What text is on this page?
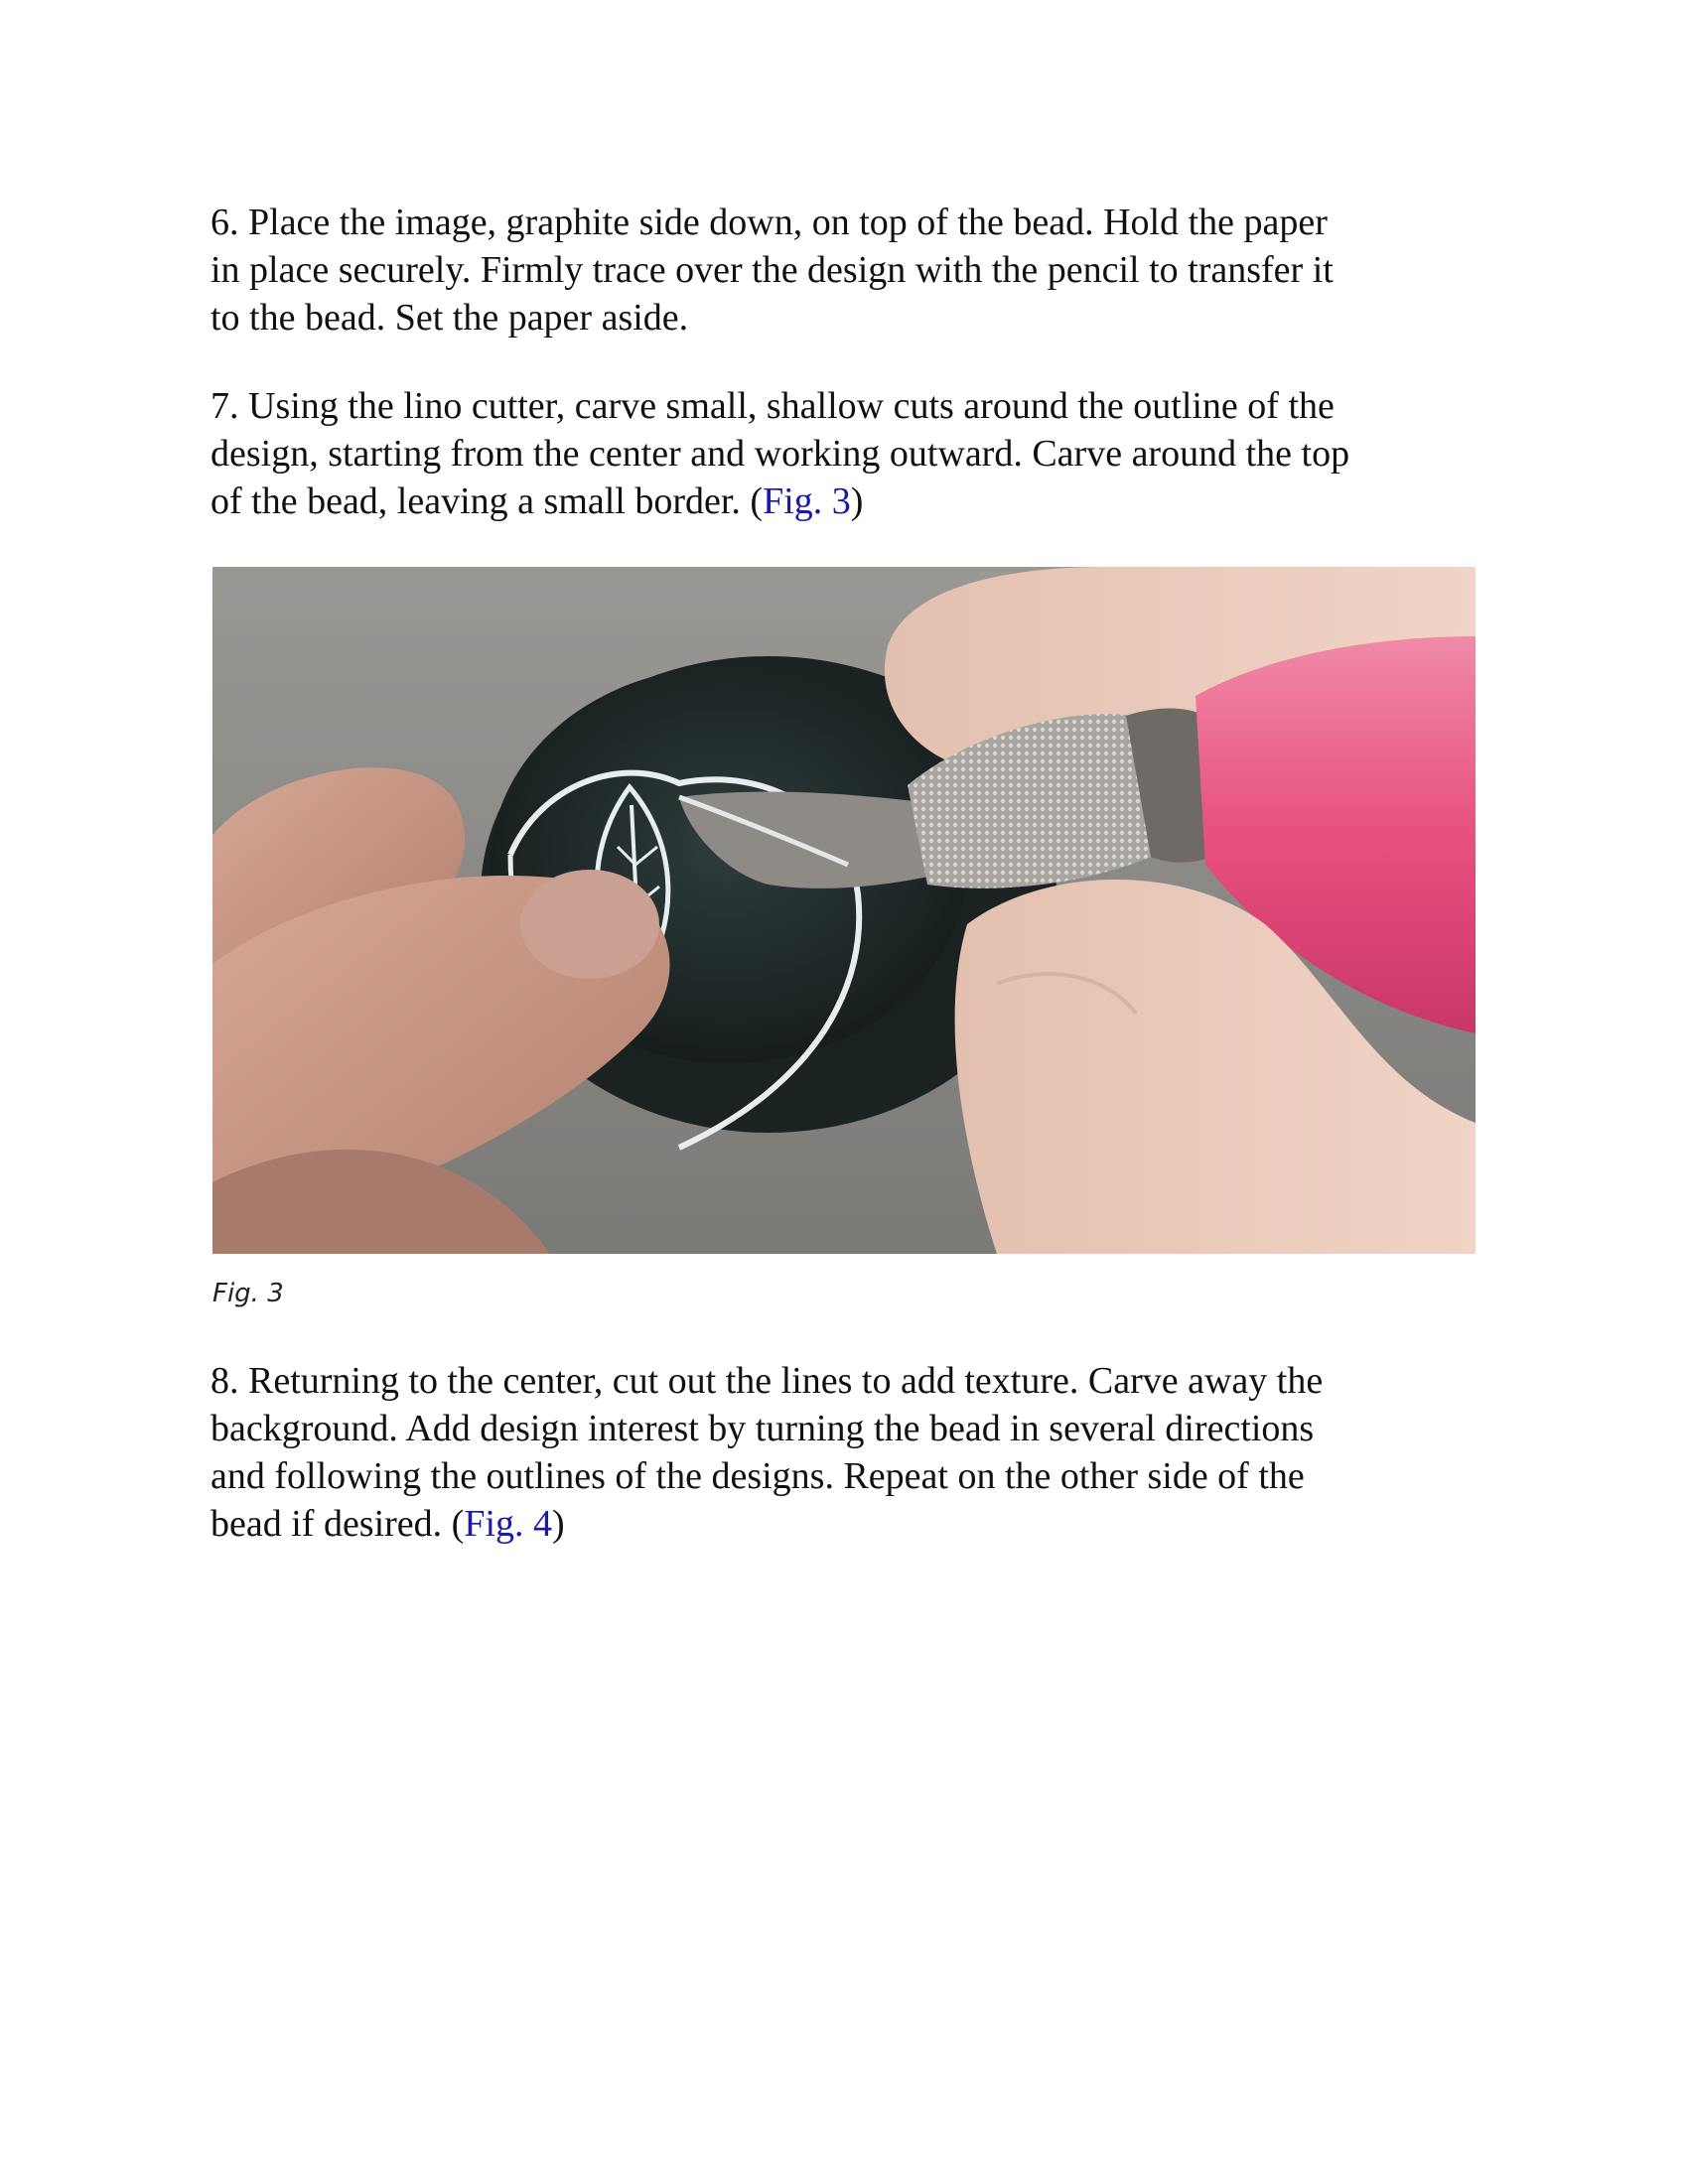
6. Place the image, graphite side down, on top of the bead. Hold the paper
in place securely. Firmly trace over the design with the pencil to transfer it
to the bead. Set the paper aside.

7. Using the lino cutter, carve small, shallow cuts around the outline of the
design, starting from the center and working outward. Carve around the top
of the bead, leaving a small border. (Fig. 3)

Fig. 3

8. Returning to the center, cut out the lines to add texture. Carve away the
background. Add design interest by turning the bead in several directions
and following the outlines of the designs. Repeat on the other side of the
bead if desired. (Fig. 4)
